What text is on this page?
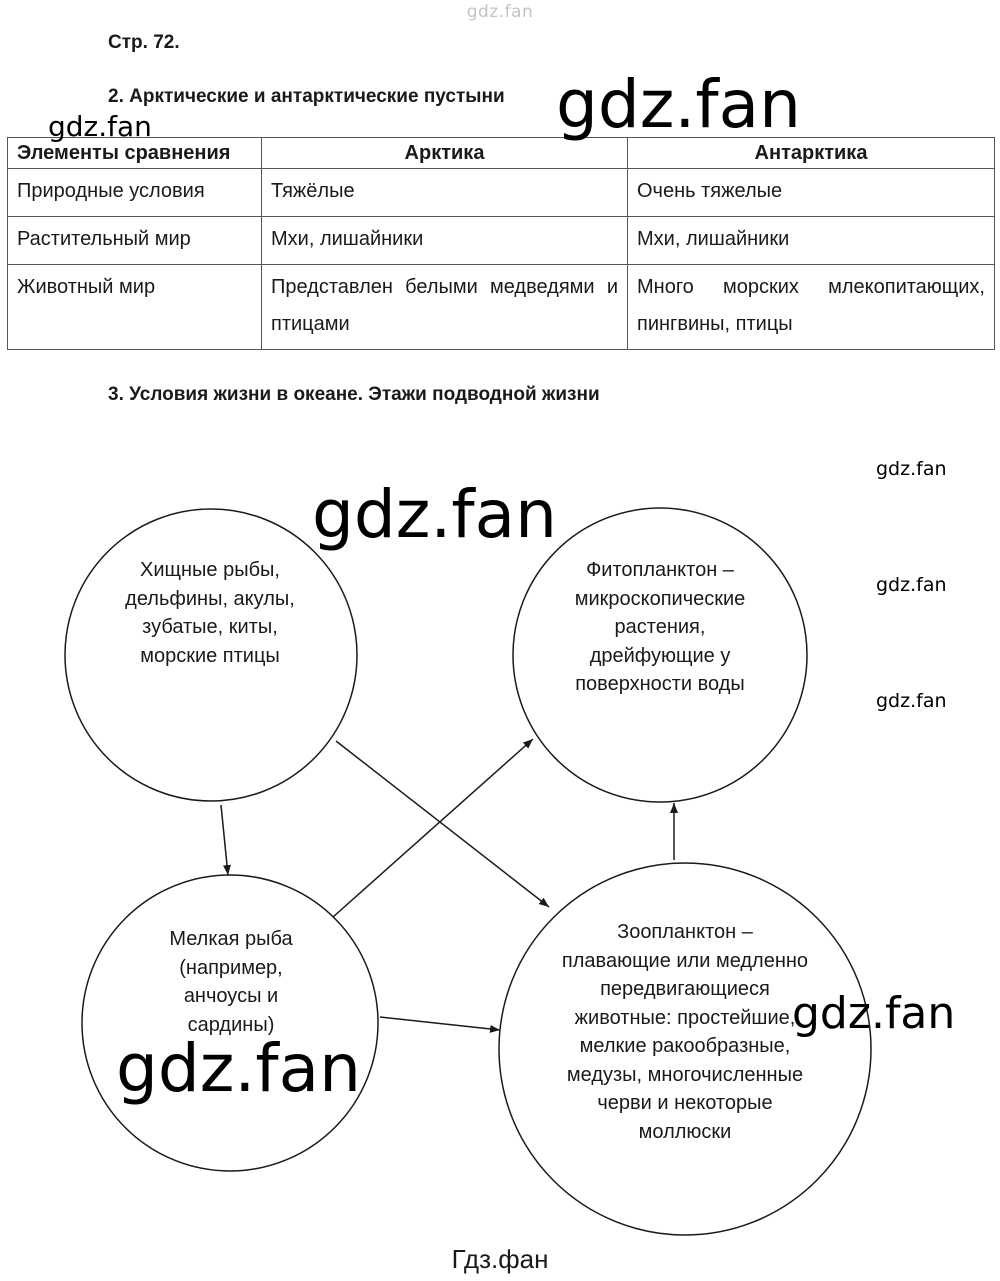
gdz.fan
Стр. 72.
2. Арктические и антарктические пустыни
Элементы сравнения	Арктика	Антарктика
Природные условия	Тяжёлые	Очень тяжелые
Растительный мир	Мхи, лишайники	Мхи, лишайники
Животный мир	Представлен белыми медведями и птицами	Много морских млекопитающих, пингвины, птицы
3. Условия жизни в океане. Этажи подводной жизни
Хищные рыбы, дельфины, акулы, зубатые, киты, морские птицы
Фитопланктон – микроскопические растения, дрейфующие у поверхности воды
Мелкая рыба (например, анчоусы и сардины)
Зоопланктон – плавающие или медленно передвигающиеся животные: простейшие, мелкие ракообразные, медузы, многочисленные черви и некоторые моллюски
gdz.fan
gdz.fan
gdz.fan
gdz.fan
gdz.fan
gdz.fan
gdz.fan
gdz.fan
Гдз.фан
